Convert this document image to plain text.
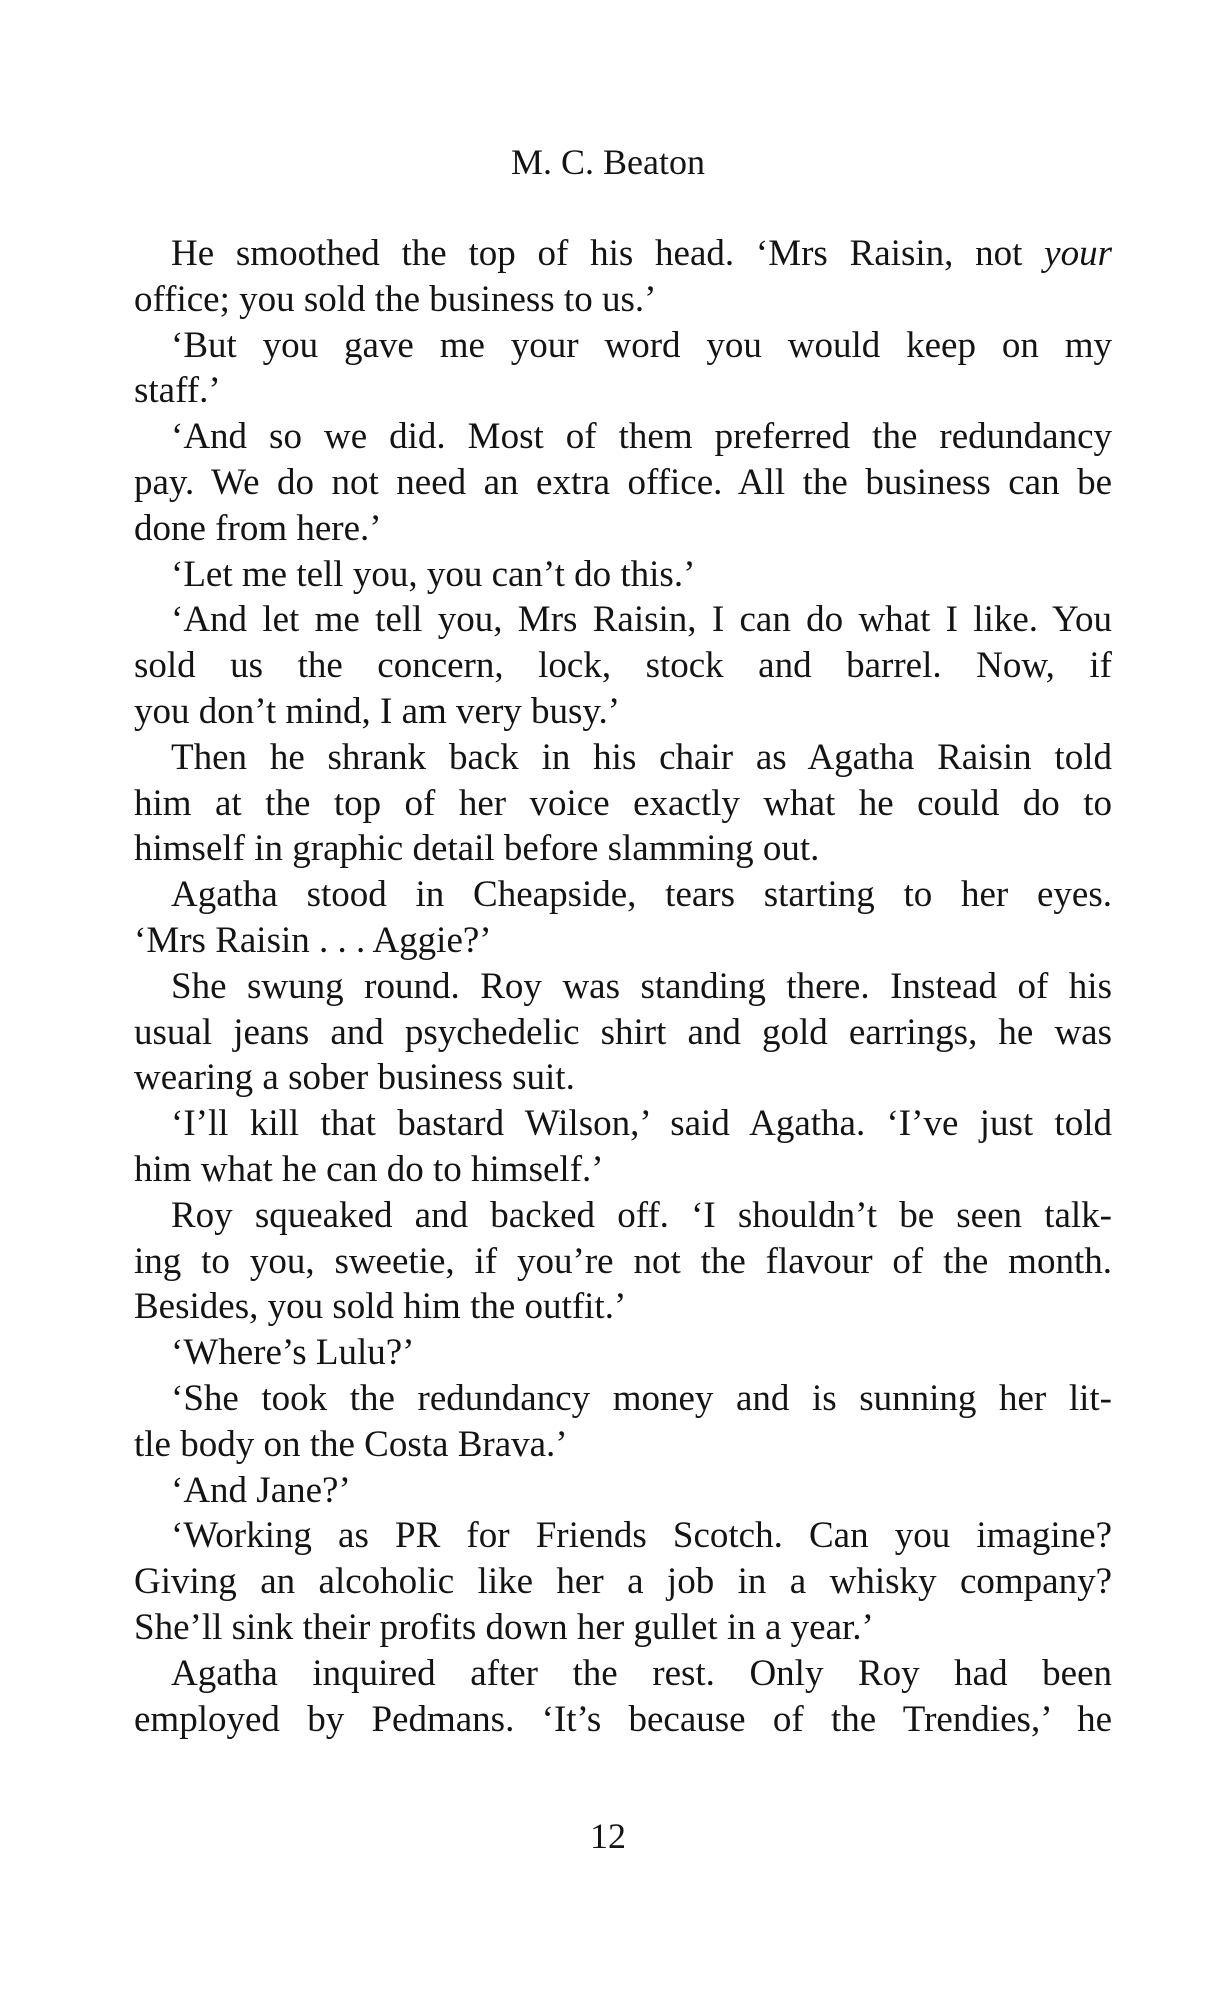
M. C. Beaton

He smoothed the top of his head. ‘Mrs Raisin, not your

office; you sold the business to us.’

‘But you gave me your word you would keep on my

staff.’

‘And so we did. Most of them preferred the redundancy

pay. We do not need an extra office. All the business can be

done from here.’

‘Let me tell you, you can’t do this.’

‘And let me tell you, Mrs Raisin, I can do what I like. You

sold us the concern, lock, stock and barrel. Now, if

you don’t mind, I am very busy.’

Then he shrank back in his chair as Agatha Raisin told

him at the top of her voice exactly what he could do to

himself in graphic detail before slamming out.

Agatha stood in Cheapside, tears starting to her eyes.

‘Mrs Raisin . . . Aggie?’

She swung round. Roy was standing there. Instead of his

usual jeans and psychedelic shirt and gold earrings, he was

wearing a sober business suit.

‘I’ll kill that bastard Wilson,’ said Agatha. ‘I’ve just told

him what he can do to himself.’

Roy squeaked and backed off. ‘I shouldn’t be seen talk-

ing to you, sweetie, if you’re not the flavour of the month.

Besides, you sold him the outfit.’

‘Where’s Lulu?’

‘She took the redundancy money and is sunning her lit-

tle body on the Costa Brava.’

‘And Jane?’

‘Working as PR for Friends Scotch. Can you imagine?

Giving an alcoholic like her a job in a whisky company?

She’ll sink their profits down her gullet in a year.’

Agatha inquired after the rest. Only Roy had been

employed by Pedmans. ‘It’s because of the Trendies,’ he

12
